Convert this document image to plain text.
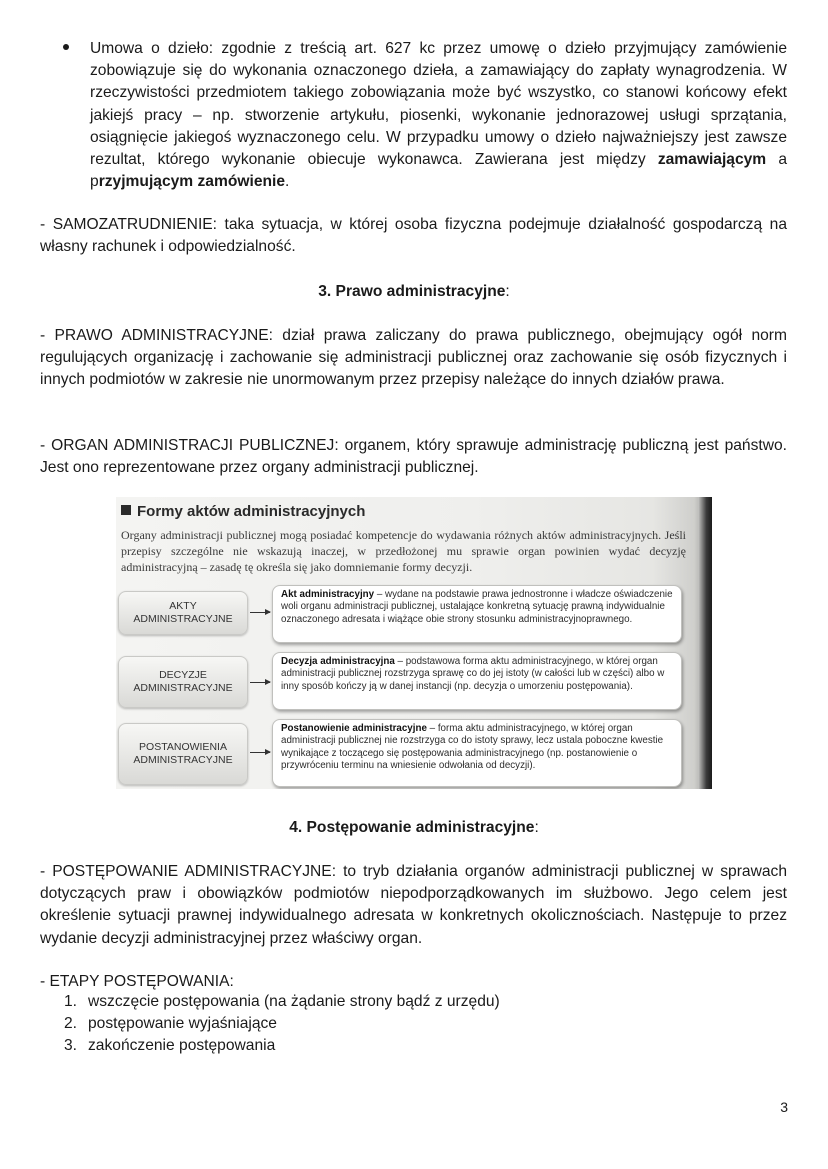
Umowa o dzieło: zgodnie z treścią art. 627 kc przez umowę o dzieło przyjmujący zamówienie zobowiązuje się do wykonania oznaczonego dzieła, a zamawiający do zapłaty wynagrodzenia. W rzeczywistości przedmiotem takiego zobowiązania może być wszystko, co stanowi końcowy efekt jakiejś pracy – np. stworzenie artykułu, piosenki, wykonanie jednorazowej usługi sprzątania, osiągnięcie jakiegoś wyznaczonego celu. W przypadku umowy o dzieło najważniejszy jest zawsze rezultat, którego wykonanie obiecuje wykonawca. Zawierana jest między zamawiającym a przyjmującym zamówienie.

- SAMOZATRUDNIENIE: taka sytuacja, w której osoba fizyczna podejmuje działalność gospodarczą na własny rachunek i odpowiedzialność.

3. Prawo administracyjne:

- PRAWO ADMINISTRACYJNE: dział prawa zaliczany do prawa publicznego, obejmujący ogół norm regulujących organizację i zachowanie się administracji publicznej oraz zachowanie się osób fizycznych i innych podmiotów w zakresie nie unormowanym przez przepisy należące do innych działów prawa.

- ORGAN ADMINISTRACJI PUBLICZNEJ: organem, który sprawuje administrację publiczną jest państwo. Jest ono reprezentowane przez organy administracji publicznej.

Formy aktów administracyjnych
Organy administracji publicznej mogą posiadać kompetencje do wydawania różnych aktów administracyjnych. Jeśli przepisy szczególne nie wskazują inaczej, w przedłożonej mu sprawie organ powinien wydać decyzję administracyjną – zasadę tę określa się jako domniemanie formy decyzji.
AKTY
ADMINISTRACYJNE
Akt administracyjny – wydane na podstawie prawa jednostronne i władcze oświadczenie woli organu administracji publicznej, ustalające konkretną sytuację prawną indywidualnie oznaczonego adresata i wiążące obie strony stosunku administracyjnoprawnego.
DECYZJE
ADMINISTRACYJNE
Decyzja administracyjna – podstawowa forma aktu administracyjnego, w której organ administracji publicznej rozstrzyga sprawę co do jej istoty (w całości lub w części) albo w inny sposób kończy ją w danej instancji (np. decyzja o umorzeniu postępowania).
POSTANOWIENIA
ADMINISTRACYJNE
Postanowienie administracyjne – forma aktu administracyjnego, w której organ administracji publicznej nie rozstrzyga co do istoty sprawy, lecz ustala poboczne kwestie wynikające z toczącego się postępowania administracyjnego (np. postanowienie o przywróceniu terminu na wniesienie odwołania od decyzji).
4. Postępowanie administracyjne:

- POSTĘPOWANIE ADMINISTRACYJNE: to tryb działania organów administracji publicznej w sprawach dotyczących praw i obowiązków podmiotów niepodporządkowanych im służbowo. Jego celem jest określenie sytuacji prawnej indywidualnego adresata w konkretnych okolicznościach. Następuje to przez wydanie decyzji administracyjnej przez właściwy organ.

- ETAPY POSTĘPOWANIA:

1. wszczęcie postępowania (na żądanie strony bądź z urzędu)
2. postępowanie wyjaśniające
3. zakończenie postępowania
3
